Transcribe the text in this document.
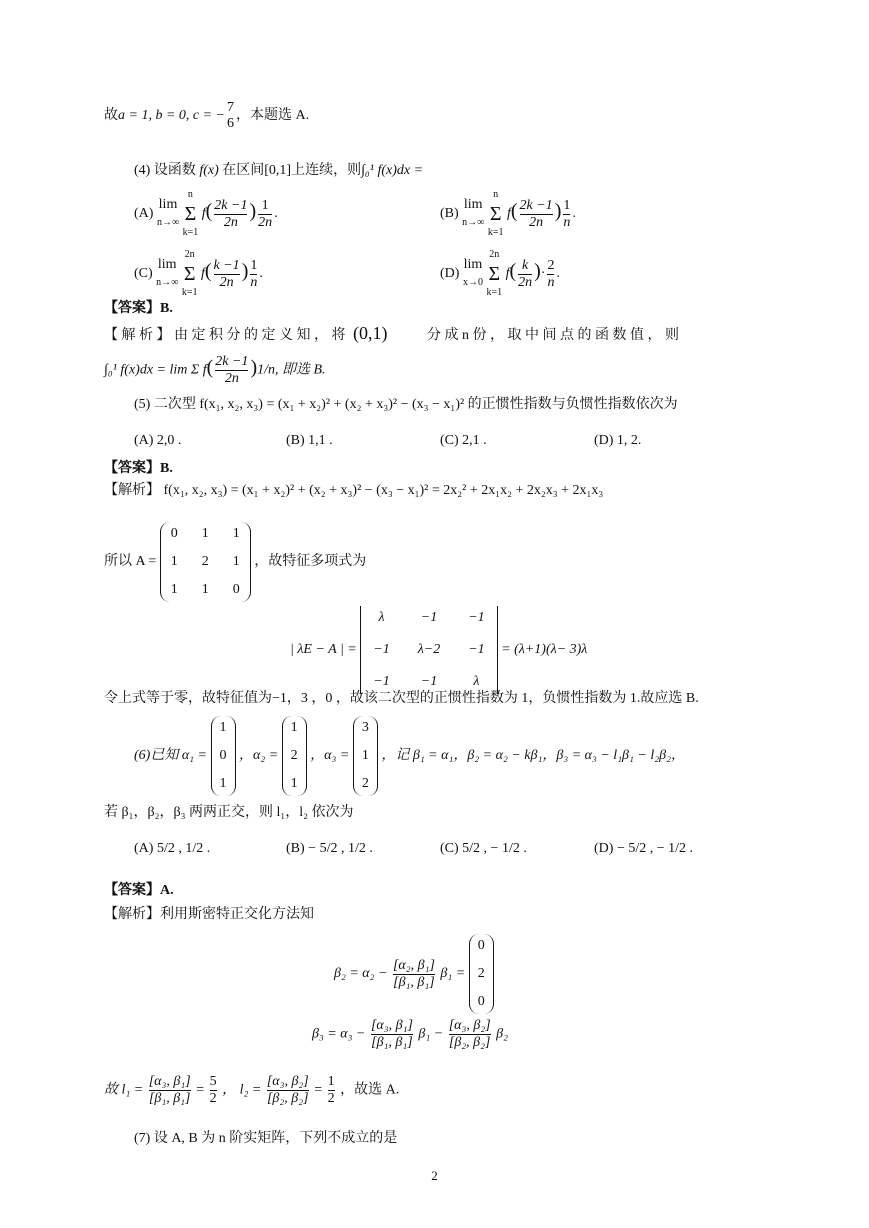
故a = 1, b = 0, c = −
7
6
，本题选 A.
(4) 设函数 f(x) 在区间[0,1]上连续，则∫₀¹ f(x)dx =
(A)
lim
n→∞

n
Σ
k=1
$f( \frac{2k -1}{2n}$ ) $\frac{1}{2n}$ .	(B)
lim
n→∞

n
Σ
k=1
$f( \frac{2k -1}{2n}$ ) $\frac{1}{n}$ .
(C)
lim
n→∞

2n
Σ
k=1
$f( \frac{k -1}{2n}$ ) $\frac{1}{n}$ .	(D)
lim
x→0

2n
Σ
k=1
$f( \frac{k}{2n}$ )· $\frac{2}{n}$ .
【答案】B.
【 解 析 】 由 定 积 分 的 定 义 知 ， 将 (0,1)	分 成 n 份 ， 取 中 间 点 的 函 数 值 ， 则
∫₀¹ f(x)dx = lim Σ $f( \frac{2k -1}{2n} )1/n$, 即选 B.
(5) 二次型 f(x₁, x₂, x₃) = (x₁ + x₂)² + (x₂ + x₃)² − (x₃ − x₁)² 的正惯性指数与负惯性指数依次为
(A) 2,0 .	(B) 1,1 .	(C) 2,1 .	(D) 1, 2.
【答案】B.
【解析】 f(x₁, x₂, x₃) = (x₁ + x₂)² + (x₂ + x₃)² − (x₃ − x₁)² = 2x₂² + 2x₁x₂ + 2x₂x₃ + 2x₁x₃
所以 A =
0 1 1
1 2 1
1 1 0
，故特征多项式为
| λE − A | =
λ	−1 −1
−1 λ−2 −1
−1 −1	λ
= (λ+1)(λ− 3)λ
令上式等于零，故特征值为−1，3 ，0 ，故该二次型的正惯性指数为 1，负惯性指数为 1.故应选 B.
(6)已知 α₁ =
1
0
1
，α₂ =
1
2
1
，α₃ =
3
1
2
，记 β₁ = α₁，β₂ = α₂ − kβ₁，β₃ = α₃ − l₁β₁ − l₂β₂，
若 β₁，β₂，β₃ 两两正交，则 l₁，l₂ 依次为
(A) 5/2 , 1/2 .	(B) − 5/2 , 1/2 .	(C) 5/2 , − 1/2 .	(D) − 5/2 , − 1/2 .
【答案】A.
【解析】利用斯密特正交化方法知
$\beta_2 = \alpha_2 - \frac{\text{[α₂, β₁]}}{\text{[β₁, β₁]}} \beta_1$ =
0
2
0
$\beta_3 = \alpha_3 - \frac{\text{[α₃, β₁]}}{\text{[β₁, β₁]}} \beta_1 - \frac{\text{[α₃, β₂]}}{\text{[β₂, β₂]}} \beta_2$
故 $l_1 = \frac{\text{[α₃, β₁]}}{\text{[β₁, β₁]}} = \frac{5}{2}$ ， $l_2 = \frac{\text{[α₃, β₂]}}{\text{[β₂, β₂]}} = \frac{1}{2}$ ，故选 A.
(7) 设 A, B 为 n 阶实矩阵，下列不成立的是
2
